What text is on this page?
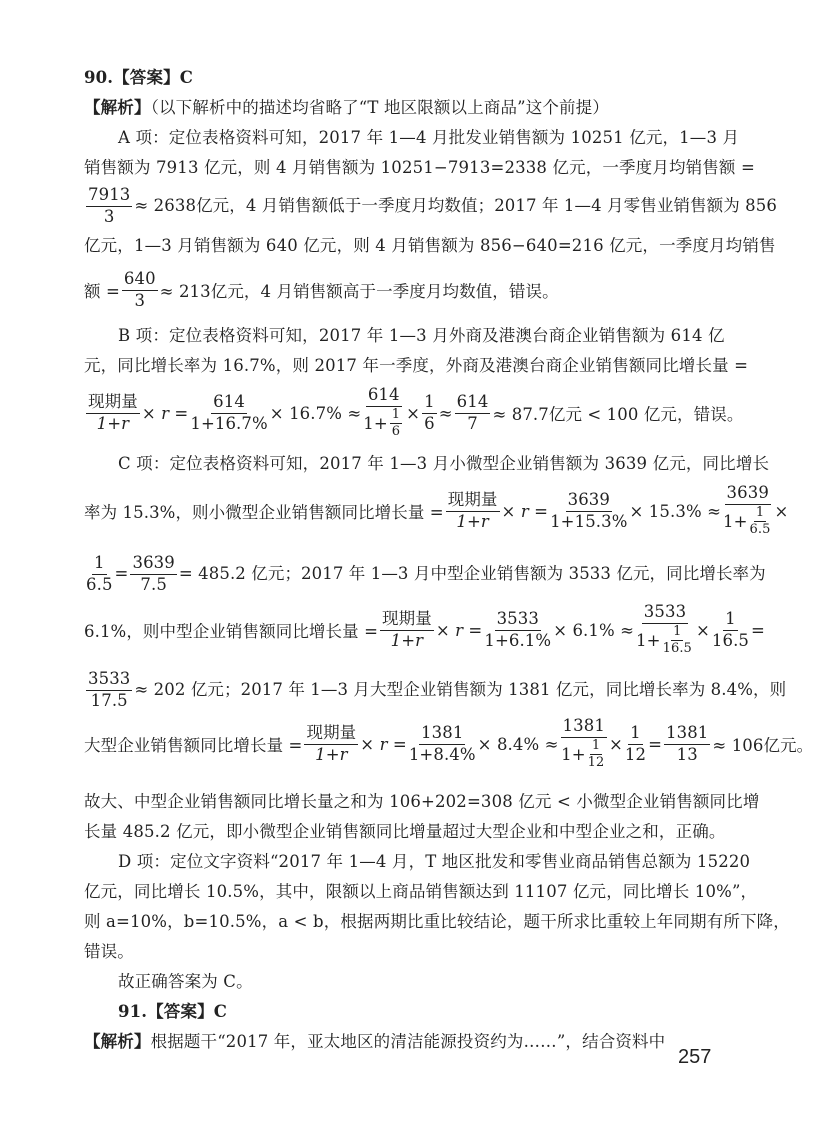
90.【答案】C
【解析】（以下解析中的描述均省略了“T 地区限额以上商品”这个前提）
A 项：定位表格资料可知，2017 年 1—4 月批发业销售额为 10251 亿元，1—3 月
销售额为 7913 亿元，则 4 月销售额为 10251−7913=2338 亿元，一季度月均销售额 =
$\frac{7913}{3} \approx 2638$亿元，4 月销售额低于一季度月均数值；2017 年 1—4 月零售业销售额为 856
亿元，1—3 月销售额为 640 亿元，则 4 月销售额为 856−640=216 亿元，一季度月均销售
额 = $\frac{640}{3} \approx 213$亿元，4 月销售额高于一季度月均数值，错误。
B 项：定位表格资料可知，2017 年 1—3 月外商及港澳台商企业销售额为 614 亿
元，同比增长率为 16.7%，则 2017 年一季度，外商及港澳台商企业销售额同比增长量 =
$\frac{\text{现期量}}{1+r} \times r = \frac{614}{1+16.7\%} \times 16.7\% \approx \frac{614}{1+ \frac{1}{6}} \times \frac{1}{6} \approx \frac{614}{7} \approx 87.7$亿元 < 100 亿元，错误。
C 项：定位表格资料可知，2017 年 1—3 月小微型企业销售额为 3639 亿元，同比增长
率为 15.3%，则小微型企业销售额同比增长量 = $\frac{\text{现期量}}{1+r} \times r = \frac{3639}{1+15.3\%} \times 15.3\% \approx \frac{3639}{1+ \frac{1}{6.5}}$ ×
$\frac{1}{6.5} = \frac{3639}{7.5} = 485.2$ 亿元；2017 年 1—3 月中型企业销售额为 3533 亿元，同比增长率为
6.1%，则中型企业销售额同比增长量 = $\frac{\text{现期量}}{1+r} \times r = \frac{3533}{1+6.1\%} \times 6.1\% \approx \frac{3533}{1+ \frac{1}{16.5}} \times \frac{1}{16.5}$ =
$\frac{3533}{17.5} \approx 202$ 亿元；2017 年 1—3 月大型企业销售额为 1381 亿元，同比增长率为 8.4%，则
大型企业销售额同比增长量 = $\frac{\text{现期量}}{1+r} \times r = \frac{1381}{1+8.4\%} \times 8.4\% \approx \frac{1381}{1+ \frac{1}{12}} \times \frac{1}{12} = \frac{1381}{13} \approx 106$亿元。
故大、中型企业销售额同比增长量之和为 106+202=308 亿元 < 小微型企业销售额同比增
长量 485.2 亿元，即小微型企业销售额同比增量超过大型企业和中型企业之和，正确。
D 项：定位文字资料“2017 年 1—4 月，T 地区批发和零售业商品销售总额为 15220
亿元，同比增长 10.5%，其中，限额以上商品销售额达到 11107 亿元，同比增长 10%”，
则 a=10%，b=10.5%，a < b，根据两期比重比较结论，题干所求比重较上年同期有所下降，
错误。
故正确答案为 C。
91.【答案】C
【解析】根据题干“2017 年，亚太地区的清洁能源投资约为……”，结合资料中
257
